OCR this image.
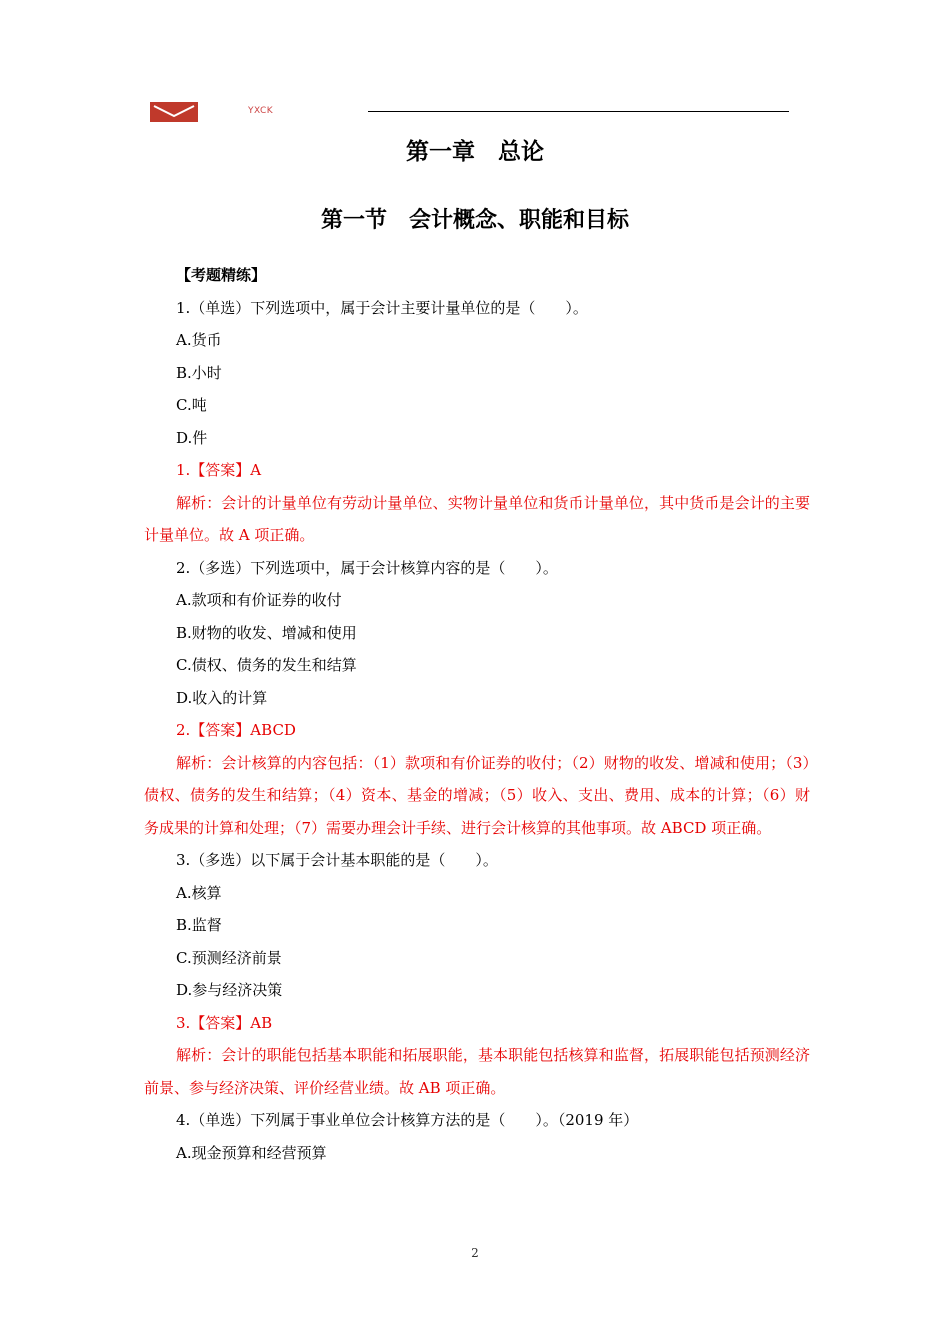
YXCK
第一章　总论
第一节　会计概念、职能和目标
【考题精练】
1.（单选）下列选项中，属于会计主要计量单位的是（　　）。
A.货币
B.小时
C.吨
D.件
1.【答案】A
解析：会计的计量单位有劳动计量单位、实物计量单位和货币计量单位，其中货币是会计的主要计量单位。故 A 项正确。
2.（多选）下列选项中，属于会计核算内容的是（　　）。
A.款项和有价证券的收付
B.财物的收发、增减和使用
C.债权、债务的发生和结算
D.收入的计算
2.【答案】ABCD
解析：会计核算的内容包括：（1）款项和有价证券的收付；（2）财物的收发、增减和使用；（3）债权、债务的发生和结算；（4）资本、基金的增减；（5）收入、支出、费用、成本的计算；（6）财务成果的计算和处理；（7）需要办理会计手续、进行会计核算的其他事项。故 ABCD 项正确。
3.（多选）以下属于会计基本职能的是（　　）。
A.核算
B.监督
C.预测经济前景
D.参与经济决策
3.【答案】AB
解析：会计的职能包括基本职能和拓展职能，基本职能包括核算和监督，拓展职能包括预测经济前景、参与经济决策、评价经营业绩。故 AB 项正确。
4.（单选）下列属于事业单位会计核算方法的是（　　）。（2019 年）
A.现金预算和经营预算
2
